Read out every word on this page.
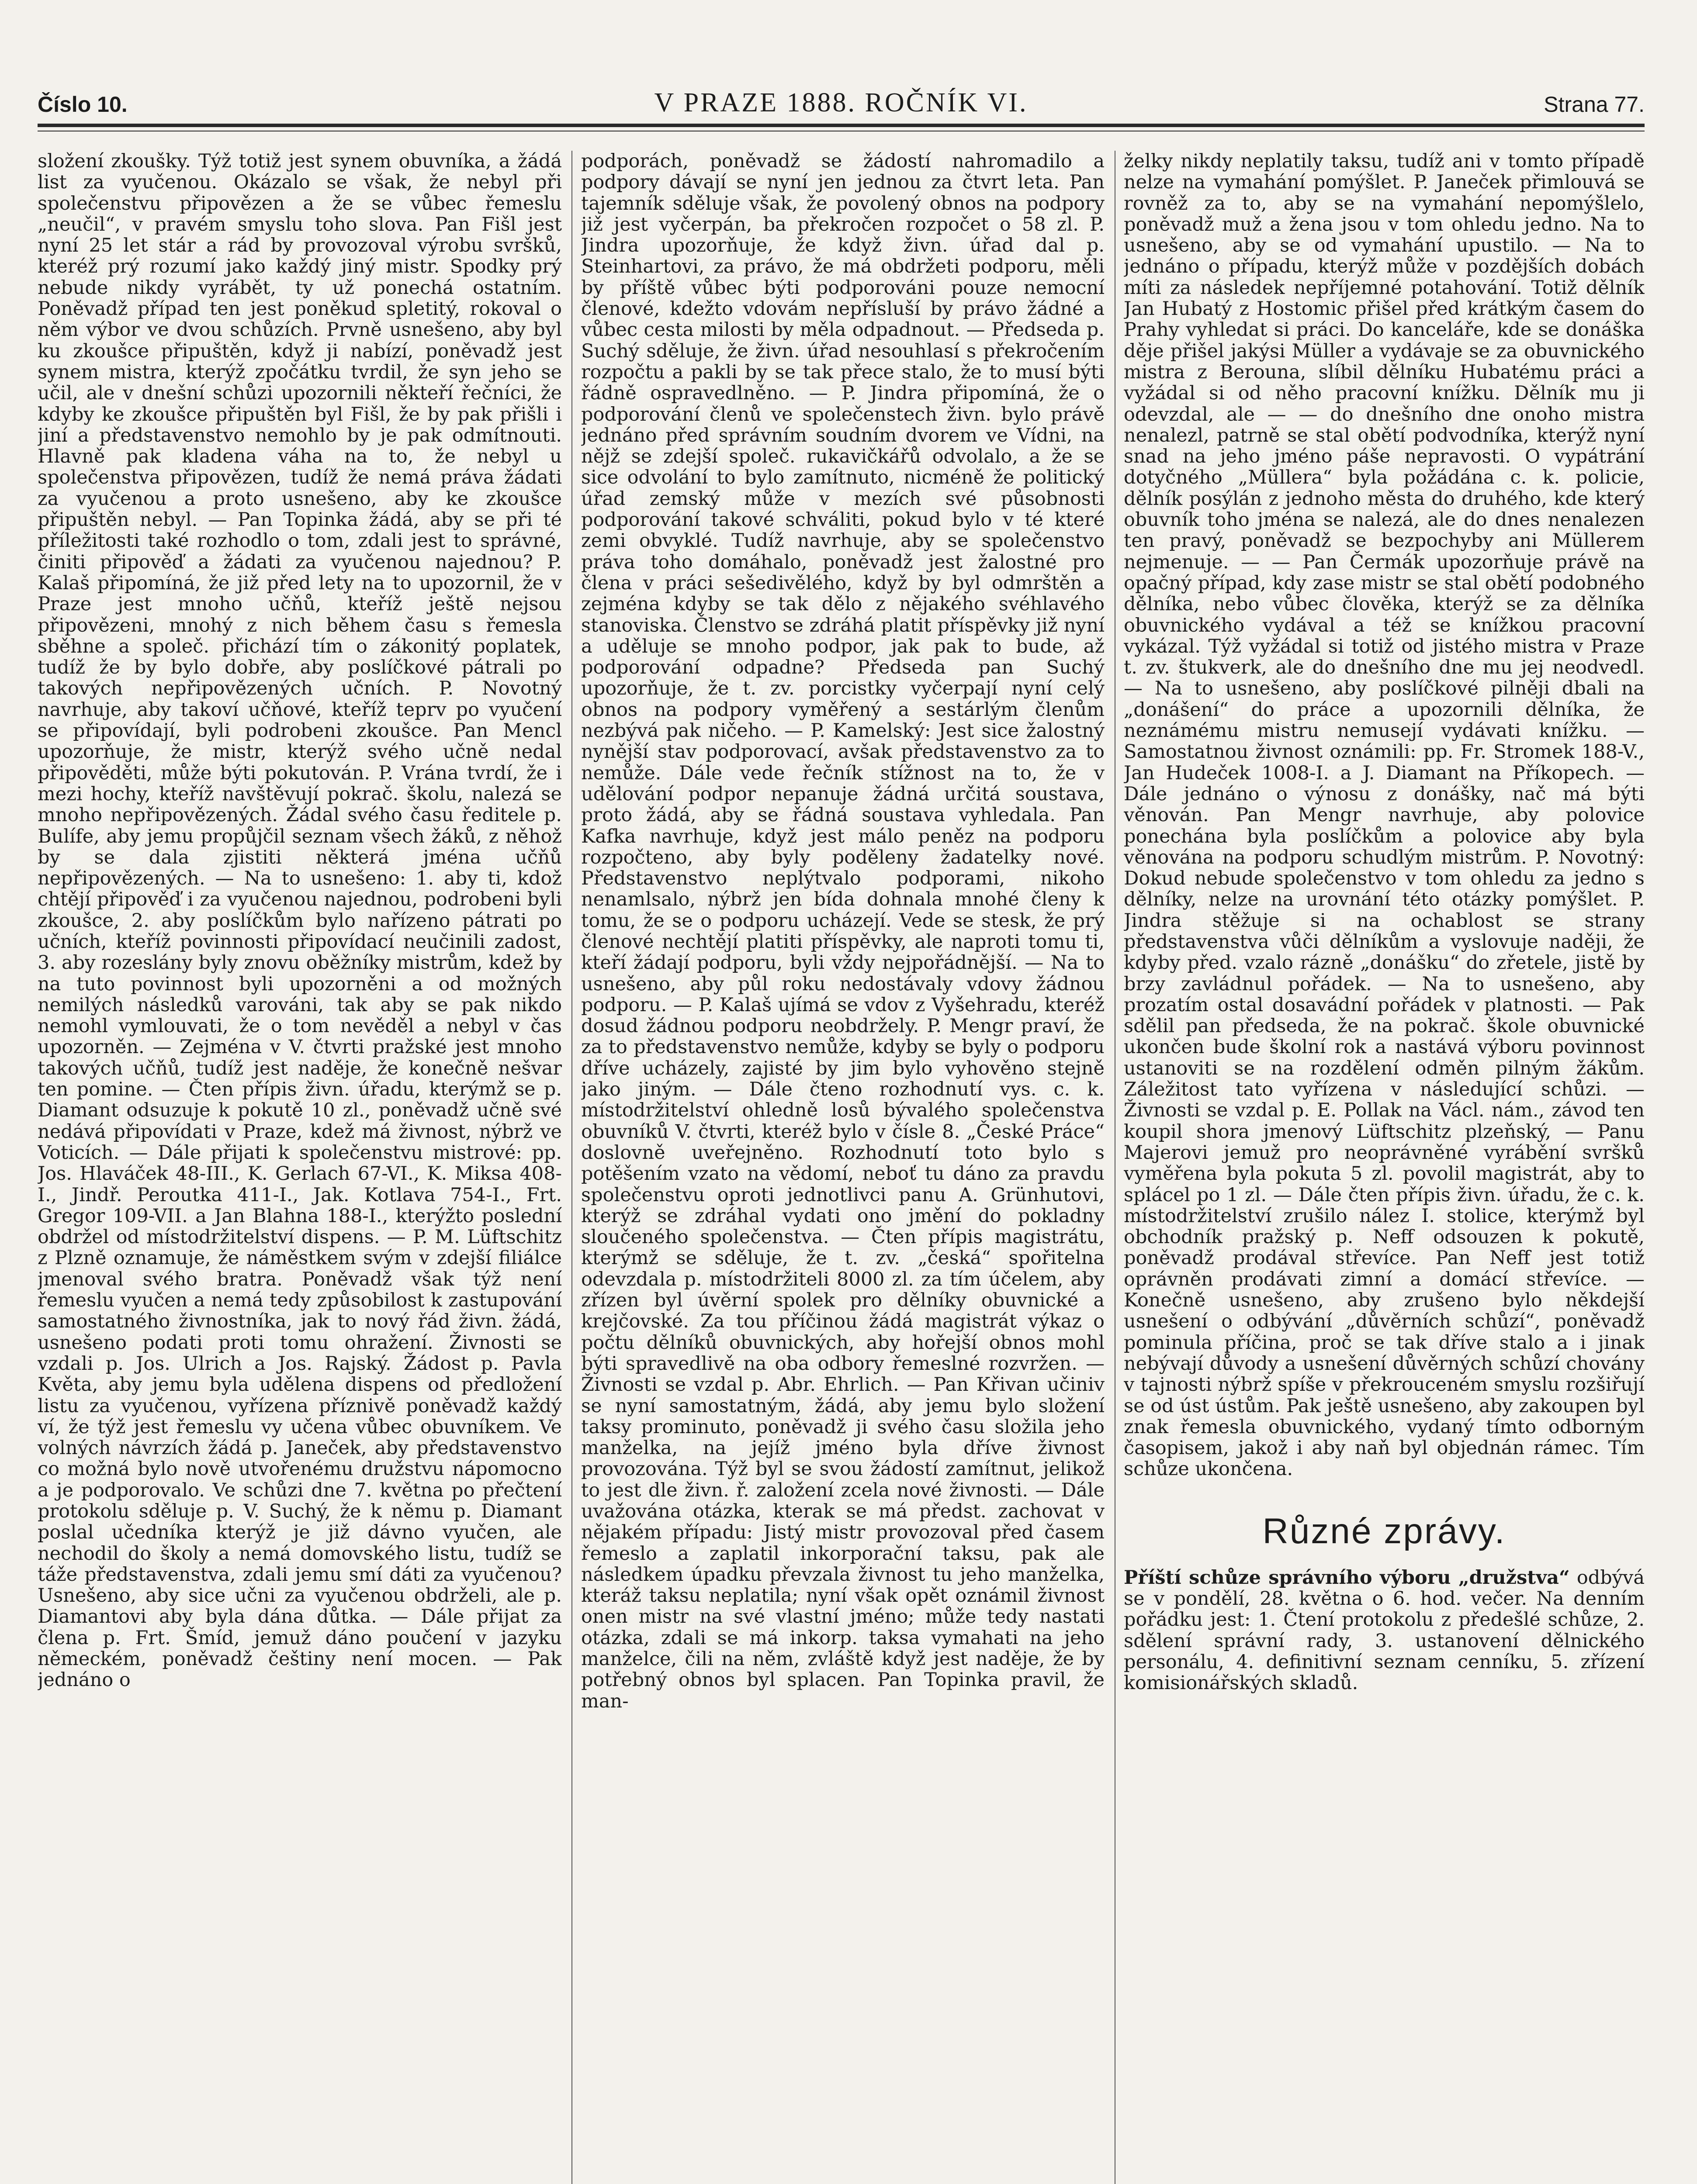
Číslo 10.	V PRAZE 1888. ROČNÍK VI.	Strana 77.

složení zkoušky. Týž totiž jest synem obuvníka, a žádá list za vyučenou. Okázalo se však, že nebyl při společenstvu připovězen a že se vůbec řemeslu „neučil“, v pravém smyslu toho slova. Pan Fišl jest nyní 25 let stár a rád by provozoval výrobu svršků, kteréž prý rozumí jako každý jiný mistr. Spodky prý nebude nikdy vyrábět, ty už ponechá ostatním. Poněvadž případ ten jest poněkud spletitý, rokoval o něm výbor ve dvou schůzích. Prvně usnešeno, aby byl ku zkoušce připuštěn, když ji nabízí, poněvadž jest synem mistra, kterýž zpočátku tvrdil, že syn jeho se učil, ale v dnešní schůzi upozornili někteří řečníci, že kdyby ke zkoušce připuštěn byl Fišl, že by pak přišli i jiní a představenstvo nemohlo by je pak odmítnouti. Hlavně pak kladena váha na to, že nebyl u společenstva připovězen, tudíž že nemá práva žádati za vyučenou a proto usnešeno, aby ke zkoušce připuštěn nebyl. — Pan Topinka žádá, aby se při té příležitosti také rozhodlo o tom, zdali jest to správné, činiti připověď a žádati za vyučenou najednou? P. Kalaš připomíná, že již před lety na to upozornil, že v Praze jest mnoho učňů, kteříž ještě nejsou připovězeni, mnohý z nich během času s řemesla sběhne a společ. přichází tím o zákonitý poplatek, tudíž že by bylo dobře, aby poslíčkové pátrali po takových nepřipovězených učních. P. Novotný navrhuje, aby takoví učňové, kteříž teprv po vyučení se připovídají, byli podrobeni zkoušce. Pan Mencl upozorňuje, že mistr, kterýž svého učně nedal připověděti, může býti pokutován. P. Vrána tvrdí, že i mezi hochy, kteříž navštěvují pokrač. školu, nalezá se mnoho nepřipovězených. Žádal svého času ředitele p. Bulífe, aby jemu propůjčil seznam všech žáků, z něhož by se dala zjistiti některá jména učňů nepřipovězených. — Na to usnešeno: 1. aby ti, kdož chtějí připověď i za vyučenou najednou, podrobeni byli zkoušce, 2. aby poslíčkům bylo nařízeno pátrati po učních, kteříž povinnosti připovídací neučinili zadost, 3. aby rozeslány byly znovu oběžníky mistrům, kdež by na tuto povinnost byli upozorněni a od možných nemilých následků varováni, tak aby se pak nikdo nemohl vymlouvati, že o tom nevěděl a nebyl v čas upozorněn. — Zejména v V. čtvrti pražské jest mnoho takových učňů, tudíž jest naděje, že konečně nešvar ten pomine. — Čten přípis živn. úřadu, kterýmž se p. Diamant odsuzuje k pokutě 10 zl., poněvadž učně své nedává připovídati v Praze, kdež má živnost, nýbrž ve Voticích. — Dále přijati k společenstvu mistrové: pp. Jos. Hlaváček 48-III., K. Gerlach 67-VI., K. Miksa 408-I., Jindř. Peroutka 411-I., Jak. Kotlava 754-I., Frt. Gregor 109-VII. a Jan Blahna 188-I., kterýžto poslední obdržel od místodržitelství dispens. — P. M. Lüftschitz z Plzně oznamuje, že náměstkem svým v zdejší filiálce jmenoval svého bratra. Poněvadž však týž není řemeslu vyučen a nemá tedy způsobilost k zastupování samostatného živnostníka, jak to nový řád živn. žádá, usnešeno podati proti tomu ohražení. Živnosti se vzdali p. Jos. Ulrich a Jos. Rajský. Žádost p. Pavla Květa, aby jemu byla udělena dispens od předložení listu za vyučenou, vyřízena příznivě poněvadž každý ví, že týž jest řemeslu vy učena vůbec obuvníkem. Ve volných návrzích žádá p. Janeček, aby představenstvo co možná bylo nově utvořenému družstvu nápomocno a je podporovalo. Ve schůzi dne 7. května po přečtení protokolu sděluje p. V. Suchý, že k němu p. Diamant poslal učedníka kterýž je již dávno vyučen, ale nechodil do školy a nemá domovského listu, tudíž se táže představenstva, zdali jemu smí dáti za vyučenou? Usnešeno, aby sice učni za vyučenou obdrželi, ale p. Diamantovi aby byla dána důtka. — Dále přijat za člena p. Frt. Šmíd, jemuž dáno poučení v jazyku německém, poněvadž češtiny není mocen. — Pak jednáno o

podporách, poněvadž se žádostí nahromadilo a podpory dávají se nyní jen jednou za čtvrt leta. Pan tajemník sděluje však, že povolený obnos na podpory již jest vyčerpán, ba překročen rozpočet o 58 zl. P. Jindra upozorňuje, že když živn. úřad dal p. Steinhartovi, za právo, že má obdržeti podporu, měli by příště vůbec býti podporováni pouze nemocní členové, kdežto vdovám nepřísluší by právo žádné a vůbec cesta milosti by měla odpadnout. — Předseda p. Suchý sděluje, že živn. úřad nesouhlasí s překročením rozpočtu a pakli by se tak přece stalo, že to musí býti řádně ospravedlněno. — P. Jindra připomíná, že o podporování členů ve společenstech živn. bylo právě jednáno před správním soudním dvorem ve Vídni, na nějž se zdejší společ. rukavičkářů odvolalo, a že se sice odvolání to bylo zamítnuto, nicméně že politický úřad zemský může v mezích své působnosti podporování takové schváliti, pokud bylo v té které zemi obvyklé. Tudíž navrhuje, aby se společenstvo práva toho domáhalo, poněvadž jest žalostné pro člena v práci sešedivělého, když by byl odmrštěn a zejména kdyby se tak dělo z nějakého svéhlavého stanoviska. Členstvo se zdráhá platit příspěvky již nyní a uděluje se mnoho podpor, jak pak to bude, až podporování odpadne? Předseda pan Suchý upozorňuje, že t. zv. porcistky vyčerpají nyní celý obnos na podpory vyměřený a sestárlým členům nezbývá pak ničeho. — P. Kamelský: Jest sice žalostný nynější stav podporovací, avšak představenstvo za to nemůže. Dále vede řečník stížnost na to, že v udělování podpor nepanuje žádná určitá soustava, proto žádá, aby se řádná soustava vyhledala. Pan Kafka navrhuje, když jest málo peněz na podporu rozpočteno, aby byly poděleny žadatelky nové. Představenstvo neplýtvalo podporami, nikoho nenamlsalo, nýbrž jen bída dohnala mnohé členy k tomu, že se o podporu ucházejí. Vede se stesk, že prý členové nechtějí platiti příspěvky, ale naproti tomu ti, kteří žádají podporu, byli vždy nejpořádnější. — Na to usnešeno, aby půl roku nedostávaly vdovy žádnou podporu. — P. Kalaš ujímá se vdov z Vyšehradu, kteréž dosud žádnou podporu neobdržely. P. Mengr praví, že za to představenstvo nemůže, kdyby se byly o podporu dříve ucházely, zajisté by jim bylo vyhověno stejně jako jiným. — Dále čteno rozhodnutí vys. c. k. místodržitelství ohledně losů bývalého společenstva obuvníků V. čtvrti, kteréž bylo v čísle 8. „České Práce“ doslovně uveřejněno. Rozhodnutí toto bylo s potěšením vzato na vědomí, neboť tu dáno za pravdu společenstvu oproti jednotlivci panu A. Grünhutovi, kterýž se zdráhal vydati ono jmění do pokladny sloučeného společenstva. — Čten přípis magistrátu, kterýmž se sděluje, že t. zv. „česká“ spořitelna odevzdala p. místodržiteli 8000 zl. za tím účelem, aby zřízen byl úvěrní spolek pro dělníky obuvnické a krejčovské. Za tou příčinou žádá magistrát výkaz o počtu dělníků obuvnických, aby hořejší obnos mohl býti spravedlivě na oba odbory řemeslné rozvržen. — Živnosti se vzdal p. Abr. Ehrlich. — Pan Křivan učiniv se nyní samostatným, žádá, aby jemu bylo složení taksy prominuto, poněvadž ji svého času složila jeho manželka, na jejíž jméno byla dříve živnost provozována. Týž byl se svou žádostí zamítnut, jelikož to jest dle živn. ř. založení zcela nové živnosti. — Dále uvažována otázka, kterak se má předst. zachovat v nějakém případu: Jistý mistr provozoval před časem řemeslo a zaplatil inkorporační taksu, pak ale následkem úpadku převzala živnost tu jeho manželka, kteráž taksu neplatila; nyní však opět oznámil živnost onen mistr na své vlastní jméno; může tedy nastati otázka, zdali se má inkorp. taksa vymahati na jeho manželce, čili na něm, zvláště když jest naděje, že by potřebný obnos byl splacen. Pan Topinka pravil, že man-

želky nikdy neplatily taksu, tudíž ani v tomto případě nelze na vymahání pomýšlet. P. Janeček přimlouvá se rovněž za to, aby se na vymahání nepomýšlelo, poněvadž muž a žena jsou v tom ohledu jedno. Na to usnešeno, aby se od vymahání upustilo. — Na to jednáno o případu, kterýž může v pozdějších dobách míti za následek nepříjemné potahování. Totiž dělník Jan Hubatý z Hostomic přišel před krátkým časem do Prahy vyhledat si práci. Do kanceláře, kde se donáška děje přišel jakýsi Müller a vydávaje se za obuvnického mistra z Berouna, slíbil dělníku Hubatému práci a vyžádal si od něho pracovní knížku. Dělník mu ji odevzdal, ale — — do dnešního dne onoho mistra nenalezl, patrně se stal obětí podvodníka, kterýž nyní snad na jeho jméno páše nepravosti. O vypátrání dotyčného „Müllera“ byla požádána c. k. policie, dělník posýlán z jednoho města do druhého, kde který obuvník toho jména se nalezá, ale do dnes nenalezen ten pravý, poněvadž se bezpochyby ani Müllerem nejmenuje. — — Pan Čermák upozorňuje právě na opačný případ, kdy zase mistr se stal obětí podobného dělníka, nebo vůbec člověka, kterýž se za dělníka obuvnického vydával a též se knížkou pracovní vykázal. Týž vyžádal si totiž od jistého mistra v Praze t. zv. štukverk, ale do dnešního dne mu jej neodvedl. — Na to usnešeno, aby poslíčkové pilněji dbali na „donášení“ do práce a upozornili dělníka, že neznámému mistru nemusejí vydávati knížku. — Samostatnou živnost oznámili: pp. Fr. Stromek 188-V., Jan Hudeček 1008-I. a J. Diamant na Příkopech. — Dále jednáno o výnosu z donášky, nač má býti věnován. Pan Mengr navrhuje, aby polovice ponechána byla poslíčkům a polovice aby byla věnována na podporu schudlým mistrům. P. Novotný: Dokud nebude společenstvo v tom ohledu za jedno s dělníky, nelze na urovnání této otázky pomýšlet. P. Jindra stěžuje si na ochablost se strany představenstva vůči dělníkům a vyslovuje naději, že kdyby před. vzalo rázně „donášku“ do zřetele, jistě by brzy zavládnul pořádek. — Na to usnešeno, aby prozatím ostal dosavádní pořádek v platnosti. — Pak sdělil pan předseda, že na pokrač. škole obuvnické ukončen bude školní rok a nastává výboru povinnost ustanoviti se na rozdělení odměn pilným žákům. Záležitost tato vyřízena v následující schůzi. — Živnosti se vzdal p. E. Pollak na Václ. nám., závod ten koupil shora jmenový Lüftschitz plzeňský, — Panu Majerovi jemuž pro neoprávněné vyrábění svršků vyměřena byla pokuta 5 zl. povolil magistrát, aby to splácel po 1 zl. — Dále čten přípis živn. úřadu, že c. k. místodržitelství zrušilo nález I. stolice, kterýmž byl obchodník pražský p. Neff odsouzen k pokutě, poněvadž prodával střevíce. Pan Neff jest totiž oprávněn prodávati zimní a domácí střevíce. — Konečně usnešeno, aby zrušeno bylo někdejší usnešení o odbývání „důvěrních schůzí“, poněvadž pominula příčina, proč se tak dříve stalo a i jinak nebývají důvody a usnešení důvěrných schůzí chovány v tajnosti nýbrž spíše v překrouceném smyslu rozšiřují se od úst ústům. Pak ještě usnešeno, aby zakoupen byl znak řemesla obuvnického, vydaný tímto odborným časopisem, jakož i aby naň byl objednán rámec. Tím schůze ukončena.

Různé zprávy.

Příští schůze správního výboru „družstva“ odbývá se v pondělí, 28. května o 6. hod. večer. Na denním pořádku jest: 1. Čtení protokolu z předešlé schůze, 2. sdělení správní rady, 3. ustanovení dělnického personálu, 4. definitivní seznam cenníku, 5. zřízení komisionářských skladů.
